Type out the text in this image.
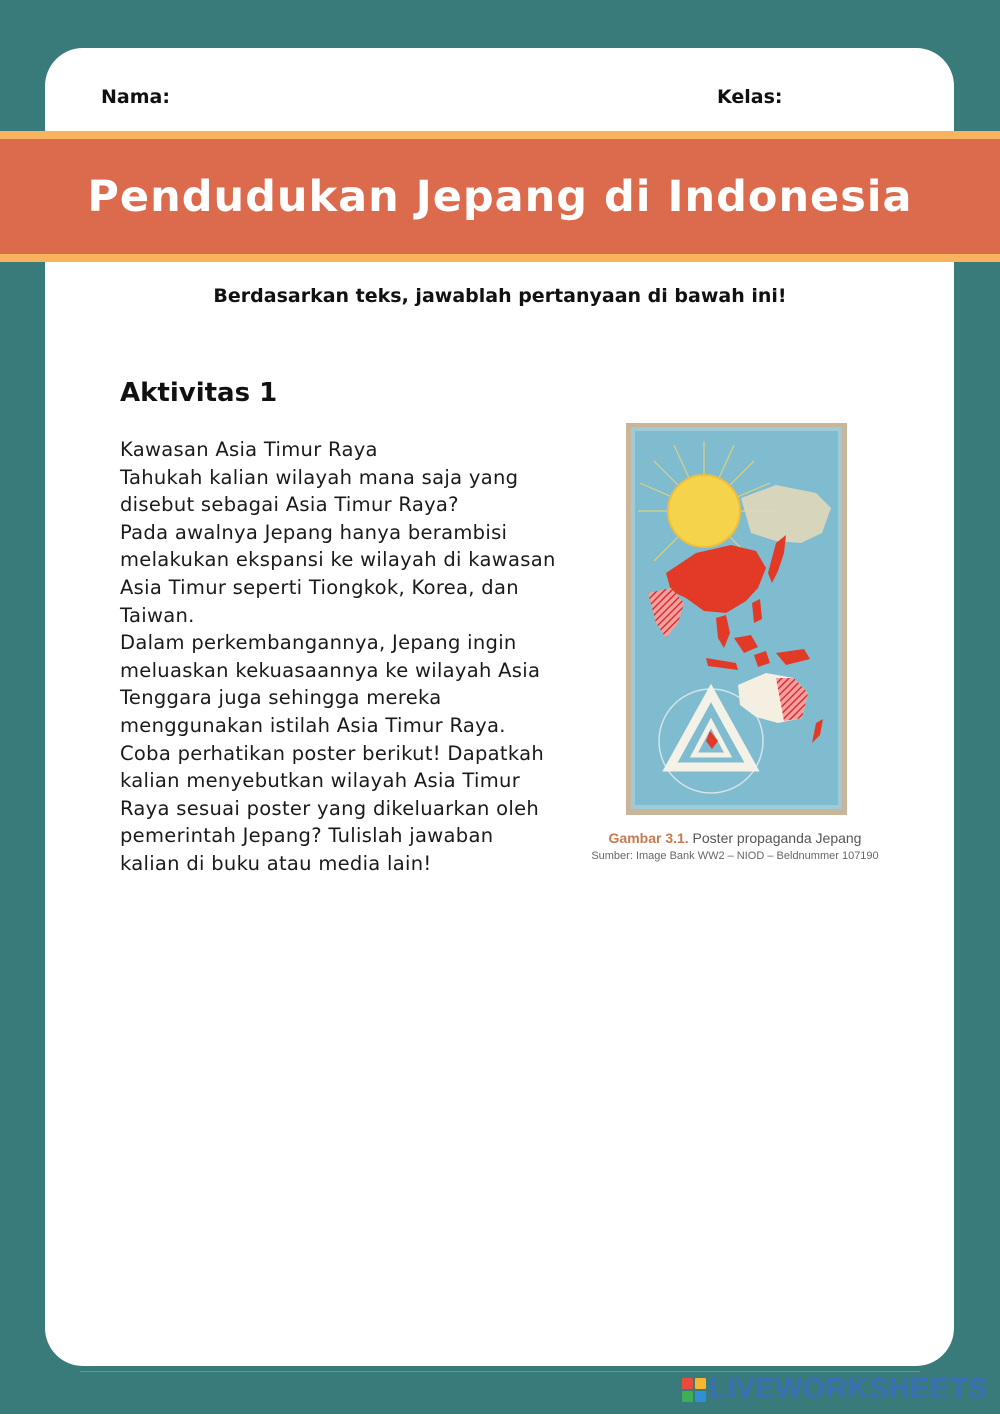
Nama:	Kelas:
Pendudukan Jepang di Indonesia
Berdasarkan teks, jawablah pertanyaan di bawah ini!
Aktivitas 1
Kawasan Asia Timur Raya
Tahukah kalian wilayah mana saja yang
disebut sebagai Asia Timur Raya?
Pada awalnya Jepang hanya berambisi
melakukan ekspansi ke wilayah di kawasan
Asia Timur seperti Tiongkok, Korea, dan
Taiwan.
Dalam perkembangannya, Jepang ingin
meluaskan kekuasaannya ke wilayah Asia
Tenggara juga sehingga mereka
menggunakan istilah Asia Timur Raya.
Coba perhatikan poster berikut! Dapatkah
kalian menyebutkan wilayah Asia Timur
Raya sesuai poster yang dikeluarkan oleh
pemerintah Jepang? Tulislah jawaban
kalian di buku atau media lain!
Gambar 3.1. Poster propaganda Jepang
Sumber: Image Bank WW2 – NIOD – Beldnummer 107190
LIVEWORKSHEETS
